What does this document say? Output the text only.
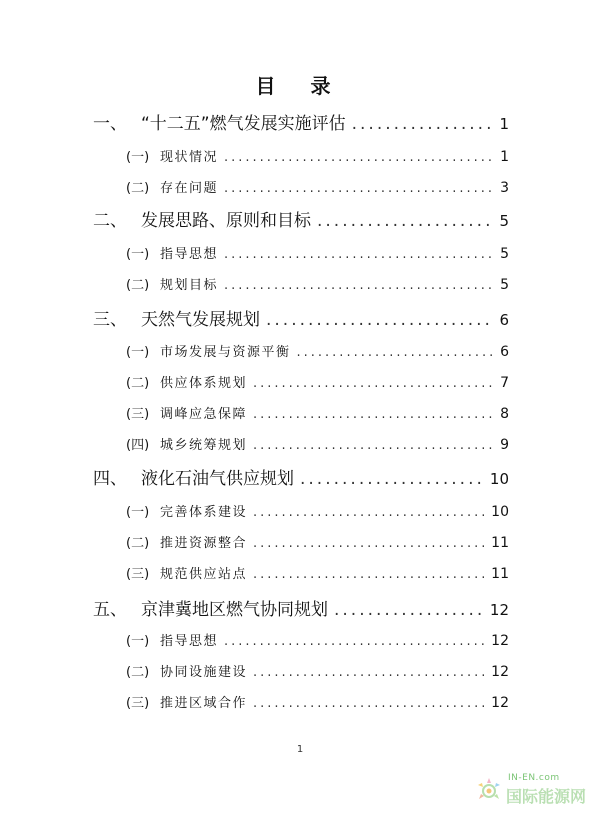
目 录
一、 “十二五”燃气发展实施评估 .....	1
(一) 现状情况 .....	1
(二) 存在问题 .....	3
二、 发展思路、原则和目标 .....	5
(一) 指导思想 .....	5
(二) 规划目标 .....	5
三、 天然气发展规划 .....	6
(一) 市场发展与资源平衡 .....	6
(二) 供应体系规划 .....	7
(三) 调峰应急保障 .....	8
(四) 城乡统筹规划 .....	9
四、 液化石油气供应规划 .....	10
(一) 完善体系建设 .....	10
(二) 推进资源整合 .....	11
(三) 规范供应站点 .....	11
五、 京津冀地区燃气协同规划 .....	12
(一) 指导思想 .....	12
(二) 协同设施建设 .....	12
(三) 推进区域合作 .....	12
1
IN-EN.com
国际能源网
